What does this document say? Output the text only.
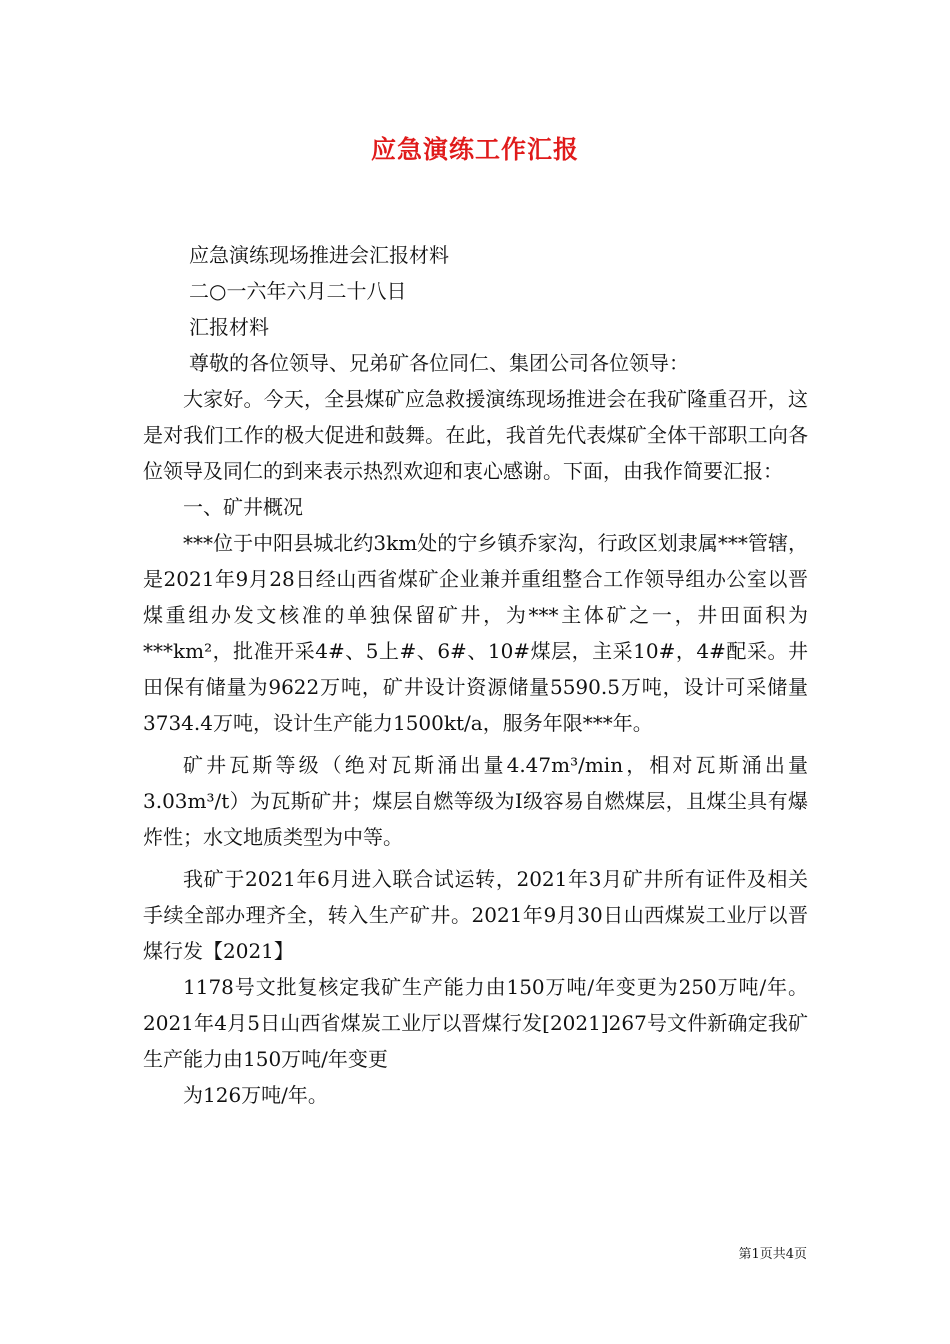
应急演练工作汇报

应急演练现场推进会汇报材料

二○一六年六月二十八日

汇报材料

尊敬的各位领导、兄弟矿各位同仁、集团公司各位领导：

大家好。今天，全县煤矿应急救援演练现场推进会在我矿隆重召开，这是对我们工作的极大促进和鼓舞。在此，我首先代表煤矿全体干部职工向各位领导及同仁的到来表示热烈欢迎和衷心感谢。下面，由我作简要汇报：

一、矿井概况

***位于中阳县城北约3km处的宁乡镇乔家沟，行政区划隶属***管辖，是2021年9月28日经山西省煤矿企业兼并重组整合工作领导组办公室以晋煤重组办发文核准的单独保留矿井，为***主体矿之一，井田面积为***km²，批准开采4#、5上#、6#、10#煤层，主采10#，4#配采。井田保有储量为9622万吨，矿井设计资源储量5590.5万吨，设计可采储量3734.4万吨，设计生产能力1500kt/a，服务年限***年。

矿井瓦斯等级（绝对瓦斯涌出量4.47m³/min，相对瓦斯涌出量3.03m³/t）为瓦斯矿井；煤层自燃等级为Ⅰ级容易自燃煤层，且煤尘具有爆炸性；水文地质类型为中等。

我矿于2021年6月进入联合试运转，2021年3月矿井所有证件及相关手续全部办理齐全，转入生产矿井。2021年9月30日山西煤炭工业厅以晋煤行发【2021】

1178号文批复核定我矿生产能力由150万吨/年变更为250万吨/年。2021年4月5日山西省煤炭工业厅以晋煤行发[2021]267号文件新确定我矿生产能力由150万吨/年变更

为126万吨/年。

第1页共4页
